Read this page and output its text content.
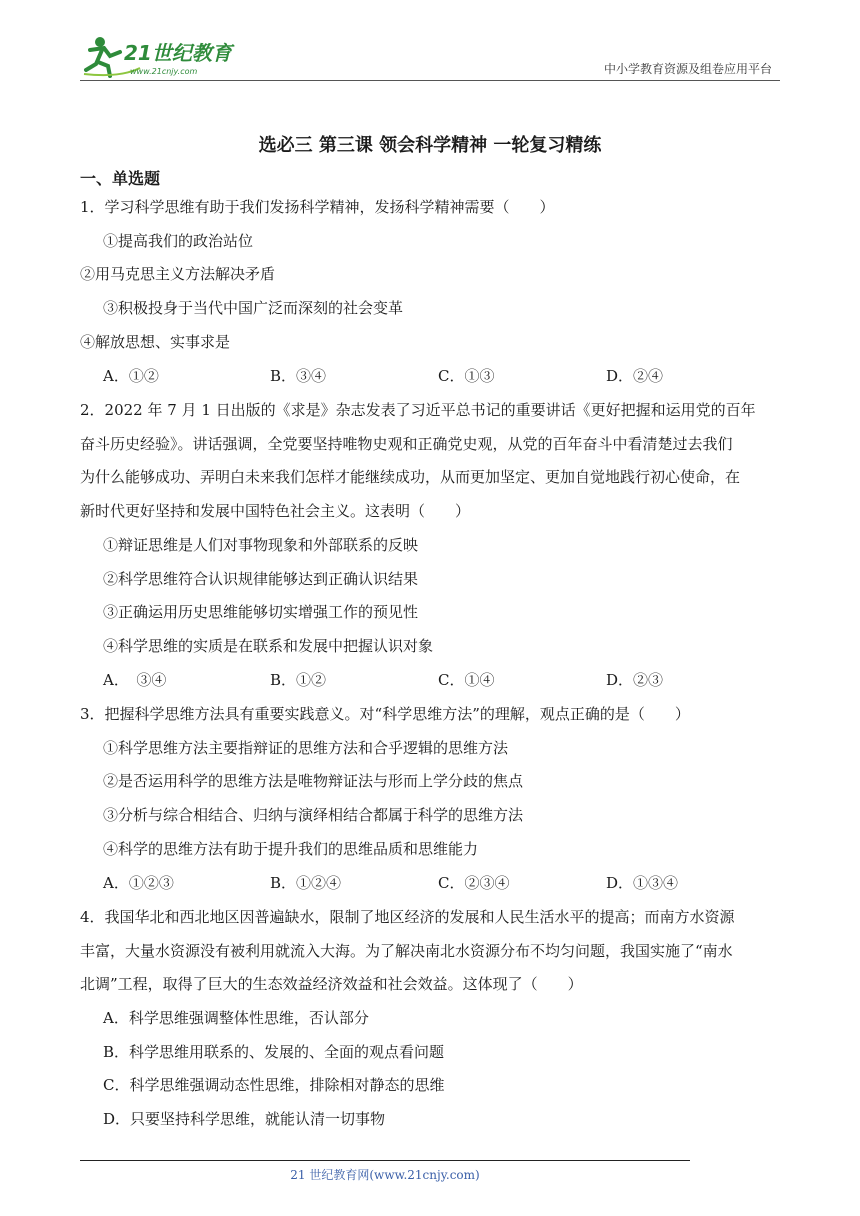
21世纪教育
www.21cnjy.com	中小学教育资源及组卷应用平台
选必三 第三课 领会科学精神 一轮复习精练
一、单选题
1．学习科学思维有助于我们发扬科学精神，发扬科学精神需要（　　）
①提高我们的政治站位
②用马克思主义方法解决矛盾
③积极投身于当代中国广泛而深刻的社会变革
④解放思想、实事求是
A．①②	B．③④	C．①③	D．②④
2．2022 年 7 月 1 日出版的《求是》杂志发表了习近平总书记的重要讲话《更好把握和运用党的百年
奋斗历史经验》。讲话强调，全党要坚持唯物史观和正确党史观，从党的百年奋斗中看清楚过去我们
为什么能够成功、弄明白未来我们怎样才能继续成功，从而更加坚定、更加自觉地践行初心使命，在
新时代更好坚持和发展中国特色社会主义。这表明（　　）
①辩证思维是人们对事物现象和外部联系的反映
②科学思维符合认识规律能够达到正确认识结果
③正确运用历史思维能够切实增强工作的预见性
④科学思维的实质是在联系和发展中把握认识对象
A．　③④	B．①②	C．①④	D．②③
3．把握科学思维方法具有重要实践意义。对“科学思维方法”的理解，观点正确的是（　　）
①科学思维方法主要指辩证的思维方法和合乎逻辑的思维方法
②是否运用科学的思维方法是唯物辩证法与形而上学分歧的焦点
③分析与综合相结合、归纳与演绎相结合都属于科学的思维方法
④科学的思维方法有助于提升我们的思维品质和思维能力
A．①②③	B．①②④	C．②③④	D．①③④
4．我国华北和西北地区因普遍缺水，限制了地区经济的发展和人民生活水平的提高；而南方水资源
丰富，大量水资源没有被利用就流入大海。为了解决南北水资源分布不均匀问题，我国实施了“南水
北调”工程，取得了巨大的生态效益经济效益和社会效益。这体现了（　　）
A．科学思维强调整体性思维，否认部分
B．科学思维用联系的、发展的、全面的观点看问题
C．科学思维强调动态性思维，排除相对静态的思维
D．只要坚持科学思维，就能认清一切事物
21 世纪教育网(www.21cnjy.com)
